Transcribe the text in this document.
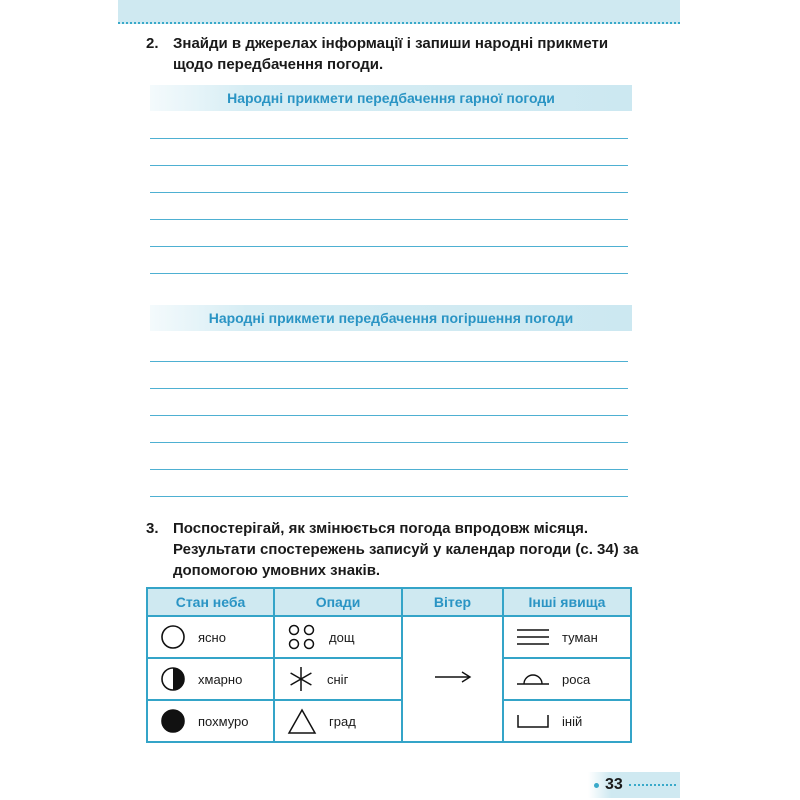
2. Знайди в джерелах інформації і запиши народні прикмети щодо передбачення погоди.
Народні прикмети передбачення гарної погоди
Народні прикмети передбачення погіршення погоди
3. Поспостерігай, як змінюється погода впродовж місяця. Результати спостережень записуй у календар погоди (с. 34) за допомогою умовних знаків.
Стан неба	Опади	Вітер	Інші явища

ясно	дощ		туман

хмарно	сніг		роса

похмуро	град		іній
33
